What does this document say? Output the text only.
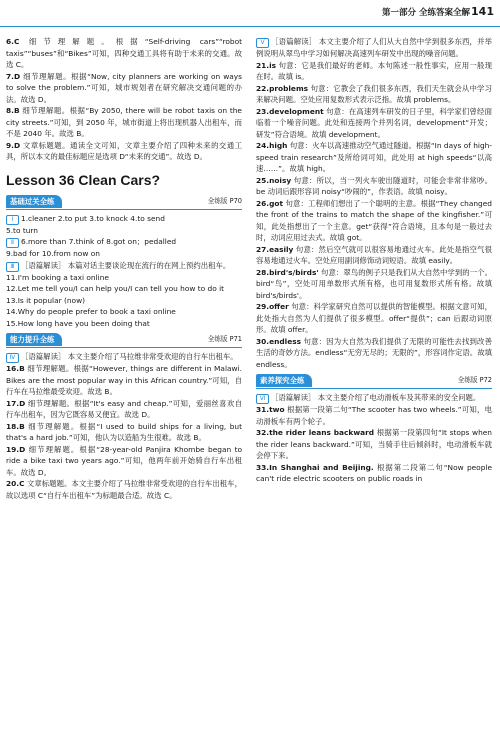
第一部分 全练答案全解 141

6.C 细节理解题。根据“Self-driving cars”“robot taxis”“buses”和“Bikes”可知，四种交通工具将有助于未来的交通。故选 C。

7.D 细节理解题。根据“Now, city planners are working on ways to solve the problem.”可知，城市规划者在研究解决交通问题的办法。故选 D。

8.B 细节理解题。根据“By 2050, there will be robot taxis on the city streets.”可知，到 2050 年，城市街道上将出现机器人出租车，而不是 2040 年。故选 B。

9.D 文章标题题。通读全文可知，文章主要介绍了四种未来的交通工具，所以本文的最佳标题应是选项 D“未来的交通”。故选 D。

Lesson 36 Clean Cars?
基础过关全练	全练版 P70

Ⅰ 1.cleaner 2.to put 3.to knock 4.to send

5.to turn

Ⅱ 6.more than 7.think of 8.got on；pedalled

9.bad for 10.from now on

Ⅲ ［语篇解读］ 本篇对话主要谈论现在流行的在网上预约出租车。

11.I'm booking a taxi online

12.Let me tell you/I can help you/I can tell you how to do it

13.Is it popular (now)

14.Why do people prefer to book a taxi online

15.How long have you been doing that

能力提升全练	全练版 P71

Ⅳ ［语篇解读］ 本文主要介绍了马拉维非常受欢迎的自行车出租车。

16.B 细节理解题。根据“However, things are different in Malawi. Bikes are the most popular way in this African country.”可知，自行车在马拉维最受欢迎。故选 B。

17.D 细节理解题。根据“It's easy and cheap.”可知，爱丽丝喜欢自行车出租车，因为它既容易又便宜。故选 D。

18.B 细节理解题。根据“I used to build ships for a living, but that's a hard job.”可知，他认为以造船为生很难。故选 B。

19.D 细节理解题。根据“28-year-old Panjira Khombe began to ride a bike taxi two years ago.”可知，他两年前开始骑自行车出租车。故选 D。

20.C 文章标题题。本文主要介绍了马拉维非常受欢迎的自行车出租车，故以选项 C“自行车出租车”为标题最合适。故选 C。

Ⅴ ［语篇解读］ 本文主要介绍了人们从大自然中学到很多东西，并举例说明从翠鸟中学习如何解决高速列车研发中出现的噪音问题。

21.is 句意：它是我们最好的老师。本句陈述一般性事实，应用一般现在时。故填 is。

22.problems 句意：它教会了我们很多东西，我们天生就会从中学习来解决问题。空处应用复数形式表示泛指。故填 problems。

23.development 句意：在高速列车研发的日子里，科学家们曾经面临着一个噪音问题。此处和连接两个并列名词，development“开发；研发”符合语境。故填 development。

24.high 句意：火车以高速推动空气通过隧道。根据“In days of high-speed train research”及所给词可知，此处用 at high speeds“以高速……”。故填 high。

25.noisy 句意：所以，当一列火车驶出隧道时，可能会非常非常吵。be 动词后跟形容词 noisy“吵闹的”，作表语。故填 noisy。

26.got 句意：工程师们想出了一个聪明的主意。根据“They changed the front of the trains to match the shape of the kingfisher.”可知，此处指想出了一个主意。get“获得”符合语境，且本句是一般过去时，动词应用过去式。故填 got。

27.easily 句意：然后空气就可以很容易地通过火车。此处是指空气很容易地通过火车。空处应用副词修饰动词短语。故填 easily。

28.bird's/birds' 句意：翠鸟的例子只是我们从大自然中学到的一个。bird“鸟”，空处可用单数形式所有格，也可用复数形式所有格。故填 bird's/birds'。

29.offer 句意：科学家研究自然可以提供的智能模型。根据文意可知，此处指大自然为人们提供了很多模型。offer“提供”；can 后跟动词原形。故填 offer。

30.endless 句意：因为大自然为我们提供了无限的可能性去找到改善生活的奇妙方法。endless“无穷无尽的；无限的”，形容词作定语。故填 endless。

素养探究全练	全练版 P72

Ⅵ ［语篇解读］ 本文主要介绍了电动滑板车及其带来的安全问题。

31.two 根据第一段第二句“The scooter has two wheels.”可知，电动滑板车有两个轮子。

32.the rider leans backward 根据第一段第四句“It stops when the rider leans backward.”可知，当骑手往后倾斜时，电动滑板车就会停下来。

33.In Shanghai and Beijing. 根据第二段第二句“Now people can't ride electric scooters on public roads in
